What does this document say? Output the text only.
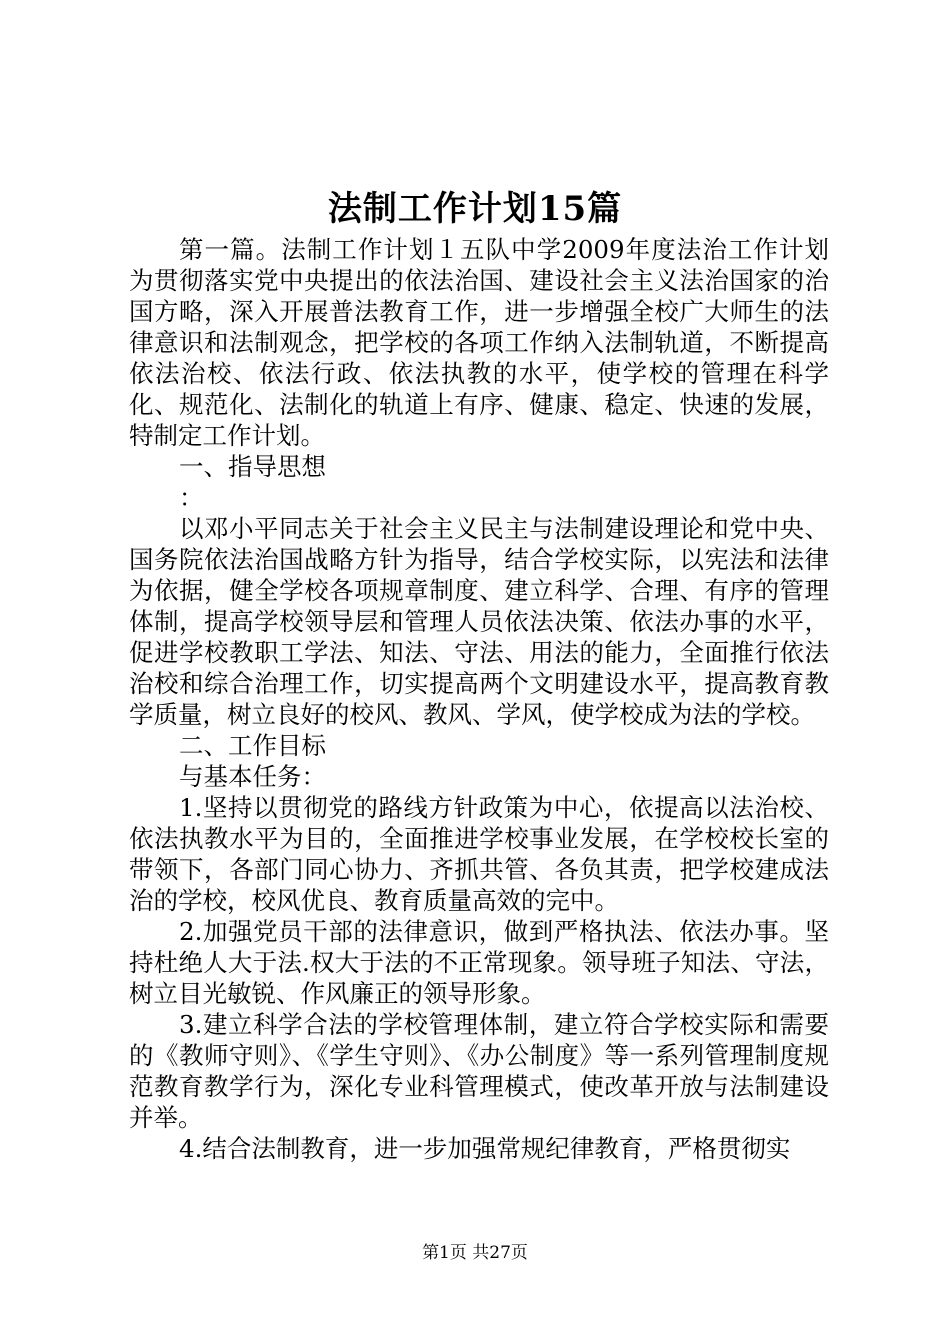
法制工作计划15篇

第一篇。法制工作计划１五队中学2009年度法治工作计划为贯彻落实党中央提出的依法治国、建设社会主义法治国家的治国方略，深入开展普法教育工作，进一步增强全校广大师生的法律意识和法制观念，把学校的各项工作纳入法制轨道，不断提高依法治校、依法行政、依法执教的水平，使学校的管理在科学化、规范化、法制化的轨道上有序、健康、稳定、快速的发展，特制定工作计划。

一、指导思想

：

以邓小平同志关于社会主义民主与法制建设理论和党中央、国务院依法治国战略方针为指导，结合学校实际，以宪法和法律为依据，健全学校各项规章制度、建立科学、合理、有序的管理体制，提高学校领导层和管理人员依法决策、依法办事的水平，促进学校教职工学法、知法、守法、用法的能力，全面推行依法治校和综合治理工作，切实提高两个文明建设水平，提高教育教学质量，树立良好的校风、教风、学风，使学校成为法的学校。

二、工作目标

与基本任务：

1.坚持以贯彻党的路线方针政策为中心，依提高以法治校、依法执教水平为目的，全面推进学校事业发展，在学校校长室的带领下，各部门同心协力、齐抓共管、各负其责，把学校建成法治的学校，校风优良、教育质量高效的完中。

2.加强党员干部的法律意识，做到严格执法、依法办事。坚持杜绝人大于法.权大于法的不正常现象。领导班子知法、守法，树立目光敏锐、作风廉正的领导形象。

3.建立科学合法的学校管理体制，建立符合学校实际和需要的《教师守则》、《学生守则》、《办公制度》等一系列管理制度规范教育教学行为，深化专业科管理模式，使改革开放与法制建设并举。

4.结合法制教育，进一步加强常规纪律教育，严格贯彻实

第1页 共27页
